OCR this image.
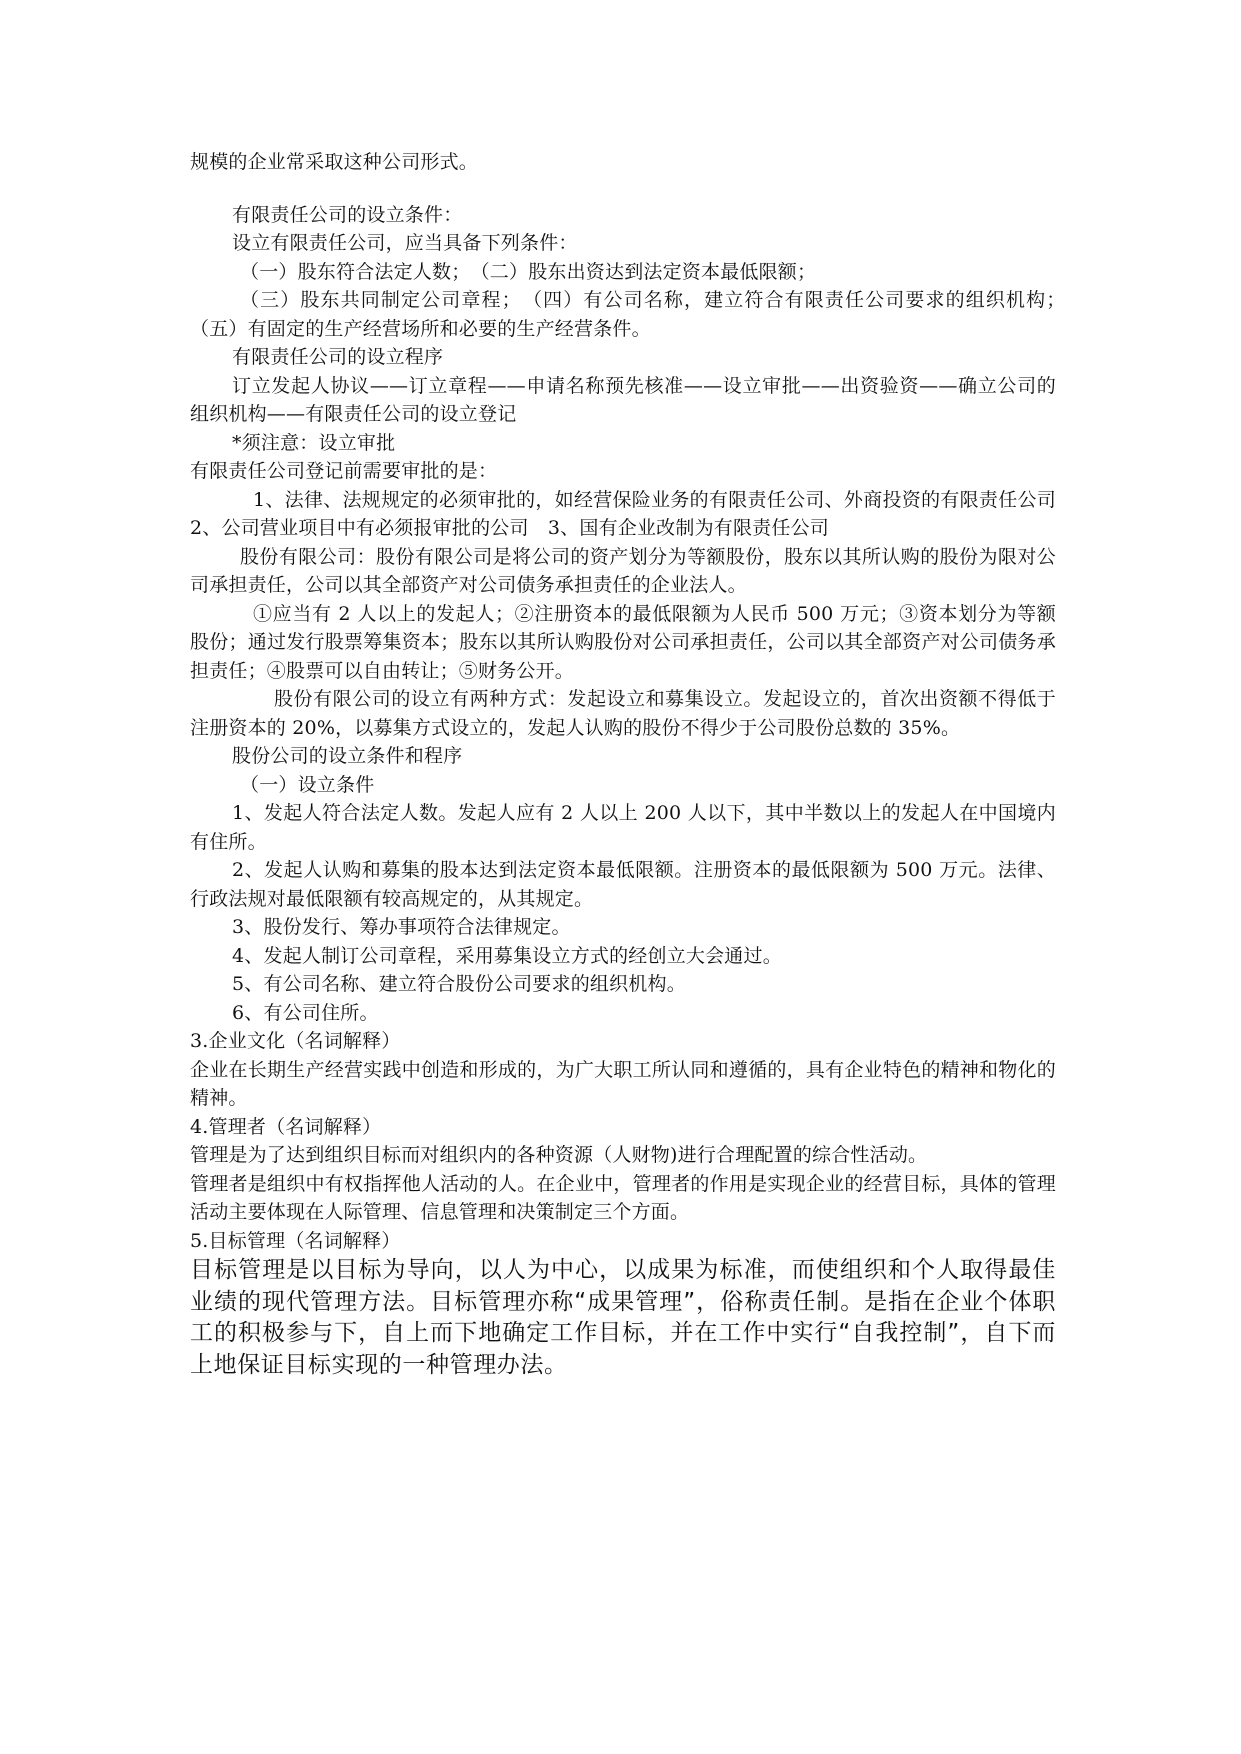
规模的企业常采取这种公司形式。

有限责任公司的设立条件：

设立有限责任公司，应当具备下列条件：

（一）股东符合法定人数；　（二）股东出资达到法定资本最低限额；

（三）股东共同制定公司章程；　（四）有公司名称，建立符合有限责任公司要求的组织机构；　（五）有固定的生产经营场所和必要的生产经营条件。

有限责任公司的设立程序

订立发起人协议——订立章程——申请名称预先核准——设立审批——出资验资——确立公司的组织机构——有限责任公司的设立登记

*须注意：设立审批

有限责任公司登记前需要审批的是：

1、法律、法规规定的必须审批的，如经营保险业务的有限责任公司、外商投资的有限责任公司 2、公司营业项目中有必须报审批的公司　3、国有企业改制为有限责任公司

股份有限公司：股份有限公司是将公司的资产划分为等额股份，股东以其所认购的股份为限对公司承担责任，公司以其全部资产对公司债务承担责任的企业法人。

①应当有 2 人以上的发起人；②注册资本的最低限额为人民币 500 万元；③资本划分为等额股份；通过发行股票筹集资本；股东以其所认购股份对公司承担责任，公司以其全部资产对公司债务承担责任；④股票可以自由转让；⑤财务公开。

股份有限公司的设立有两种方式：发起设立和募集设立。发起设立的，首次出资额不得低于注册资本的 20%，以募集方式设立的，发起人认购的股份不得少于公司股份总数的 35%。

股份公司的设立条件和程序

（一）设立条件

1、发起人符合法定人数。发起人应有 2 人以上 200 人以下，其中半数以上的发起人在中国境内有住所。

2、发起人认购和募集的股本达到法定资本最低限额。注册资本的最低限额为 500 万元。法律、行政法规对最低限额有较高规定的，从其规定。

3、股份发行、筹办事项符合法律规定。

4、发起人制订公司章程，采用募集设立方式的经创立大会通过。

5、有公司名称、建立符合股份公司要求的组织机构。

6、有公司住所。

3.企业文化（名词解释）

企业在长期生产经营实践中创造和形成的，为广大职工所认同和遵循的，具有企业特色的精神和物化的精神。

4.管理者（名词解释）

管理是为了达到组织目标而对组织内的各种资源（人财物)进行合理配置的综合性活动。

管理者是组织中有权指挥他人活动的人。在企业中，管理者的作用是实现企业的经营目标，具体的管理活动主要体现在人际管理、信息管理和决策制定三个方面。

5.目标管理（名词解释）

目标管理是以目标为导向，以人为中心，以成果为标准，而使组织和个人取得最佳业绩的现代管理方法。目标管理亦称“成果管理”，俗称责任制。是指在企业个体职工的积极参与下，自上而下地确定工作目标，并在工作中实行“自我控制”，自下而上地保证目标实现的一种管理办法。
